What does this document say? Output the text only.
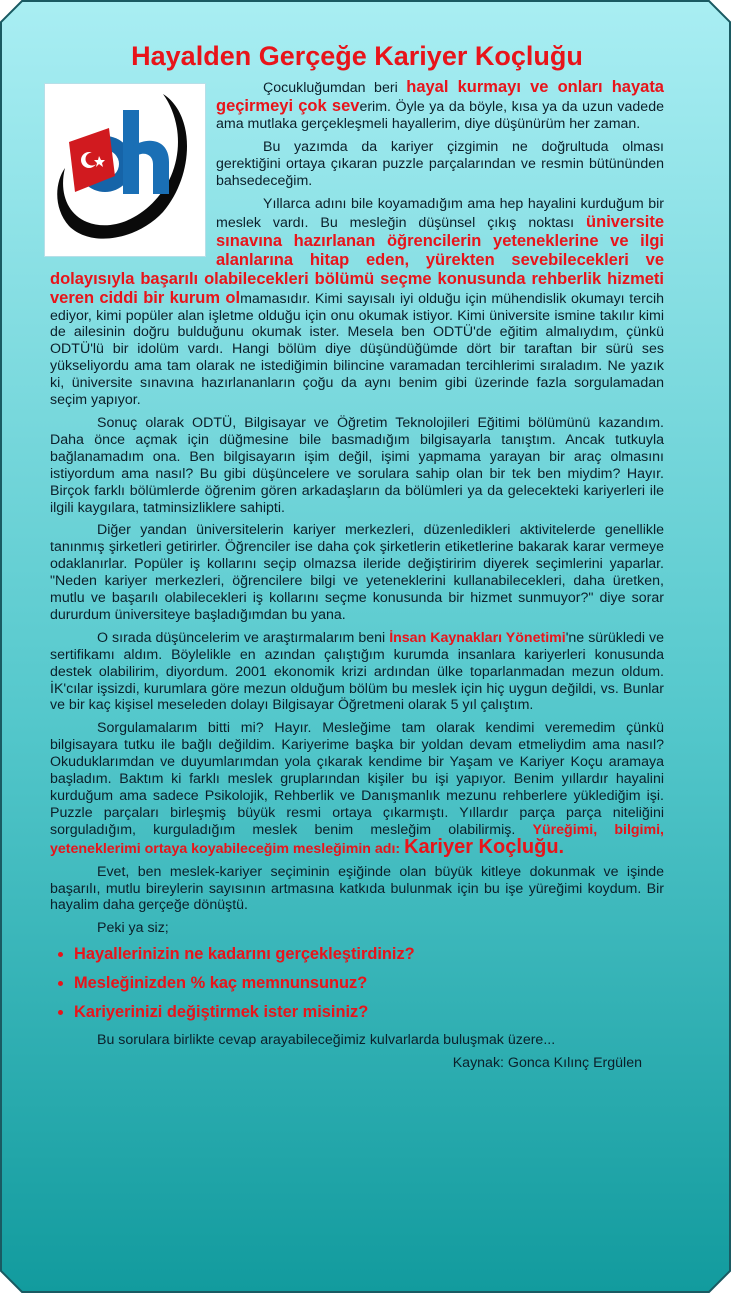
Hayalden Gerçeğe Kariyer Koçluğu

Çocukluğumdan beri hayal kurmayı ve onları hayata geçirmeyi çok severim. Öyle ya da böyle, kısa ya da uzun vadede ama mutlaka gerçekleşmeli hayallerim, diye düşünürüm her zaman.

Bu yazımda da kariyer çizgimin ne doğrultuda olması gerektiğini ortaya çıkaran puzzle parçalarından ve resmin bütününden bahsedeceğim.

Yıllarca adını bile koyamadığım ama hep hayalini kurduğum bir meslek vardı. Bu mesleğin düşünsel çıkış noktası üniversite sınavına hazırlanan öğrencilerin yeteneklerine ve ilgi alanlarına hitap eden, yürekten sevebilecekleri ve dolayısıyla başarılı olabilecekleri bölümü seçme konusunda rehberlik hizmeti veren ciddi bir kurum olmamasıdır. Kimi sayısalı iyi olduğu için mühendislik okumayı tercih ediyor, kimi popüler alan işletme olduğu için onu okumak istiyor. Kimi üniversite ismine takılır kimi de ailesinin doğru bulduğunu okumak ister. Mesela ben ODTÜ'de eğitim almalıydım, çünkü ODTÜ'lü bir idolüm vardı. Hangi bölüm diye düşündüğümde dört bir taraftan bir sürü ses yükseliyordu ama tam olarak ne istediğimin bilincine varamadan tercihlerimi sıraladım. Ne yazık ki, üniversite sınavına hazırlananların çoğu da aynı benim gibi üzerinde fazla sorgulamadan seçim yapıyor.

Sonuç olarak ODTÜ, Bilgisayar ve Öğretim Teknolojileri Eğitimi bölümünü kazandım. Daha önce açmak için düğmesine bile basmadığım bilgisayarla tanıştım. Ancak tutkuyla bağlanamadım ona. Ben bilgisayarın işim değil, işimi yapmama yarayan bir araç olmasını istiyordum ama nasıl? Bu gibi düşüncelere ve sorulara sahip olan bir tek ben miydim? Hayır. Birçok farklı bölümlerde öğrenim gören arkadaşların da bölümleri ya da gelecekteki kariyerleri ile ilgili kaygılara, tatminsizliklere sahipti.

Diğer yandan üniversitelerin kariyer merkezleri, düzenledikleri aktivitelerde genellikle tanınmış şirketleri getirirler. Öğrenciler ise daha çok şirketlerin etiketlerine bakarak karar vermeye odaklanırlar. Popüler iş kollarını seçip olmazsa ileride değiştiririm diyerek seçimlerini yaparlar. "Neden kariyer merkezleri, öğrencilere bilgi ve yeteneklerini kullanabilecekleri, daha üretken, mutlu ve başarılı olabilecekleri iş kollarını seçme konusunda bir hizmet sunmuyor?" diye sorar dururdum üniversiteye başladığımdan bu yana.

O sırada düşüncelerim ve araştırmalarım beni İnsan Kaynakları Yönetimi'ne sürükledi ve sertifikamı aldım. Böylelikle en azından çalıştığım kurumda insanlara kariyerleri konusunda destek olabilirim, diyordum. 2001 ekonomik krizi ardından ülke toparlanmadan mezun oldum. İK'cılar işsizdi, kurumlara göre mezun olduğum bölüm bu meslek için hiç uygun değildi, vs. Bunlar ve bir kaç kişisel meseleden dolayı Bilgisayar Öğretmeni olarak 5 yıl çalıştım.

Sorgulamalarım bitti mi? Hayır. Mesleğime tam olarak kendimi veremedim çünkü bilgisayara tutku ile bağlı değildim. Kariyerime başka bir yoldan devam etmeliydim ama nasıl? Okuduklarımdan ve duyumlarımdan yola çıkarak kendime bir Yaşam ve Kariyer Koçu aramaya başladım. Baktım ki farklı meslek gruplarından kişiler bu işi yapıyor. Benim yıllardır hayalini kurduğum ama sadece Psikolojik, Rehberlik ve Danışmanlık mezunu rehberlere yüklediğim işi. Puzzle parçaları birleşmiş büyük resmi ortaya çıkarmıştı. Yıllardır parça parça niteliğini sorguladığım, kurguladığım meslek benim mesleğim olabilirmiş. Yüreğimi, bilgimi, yeteneklerimi ortaya koyabileceğim mesleğimin adı: Kariyer Koçluğu.

Evet, ben meslek-kariyer seçiminin eşiğinde olan büyük kitleye dokunmak ve işinde başarılı, mutlu bireylerin sayısının artmasına katkıda bulunmak için bu işe yüreğimi koydum. Bir hayalim daha gerçeğe dönüştü.

Peki ya siz;

• Hayallerinizin ne kadarını gerçekleştirdiniz?
• Mesleğinizden % kaç memnunsunuz?
• Kariyerinizi değiştirmek ister misiniz?

Bu sorulara birlikte cevap arayabileceğimiz kulvarlarda buluşmak üzere...

Kaynak: Gonca Kılınç Ergülen
